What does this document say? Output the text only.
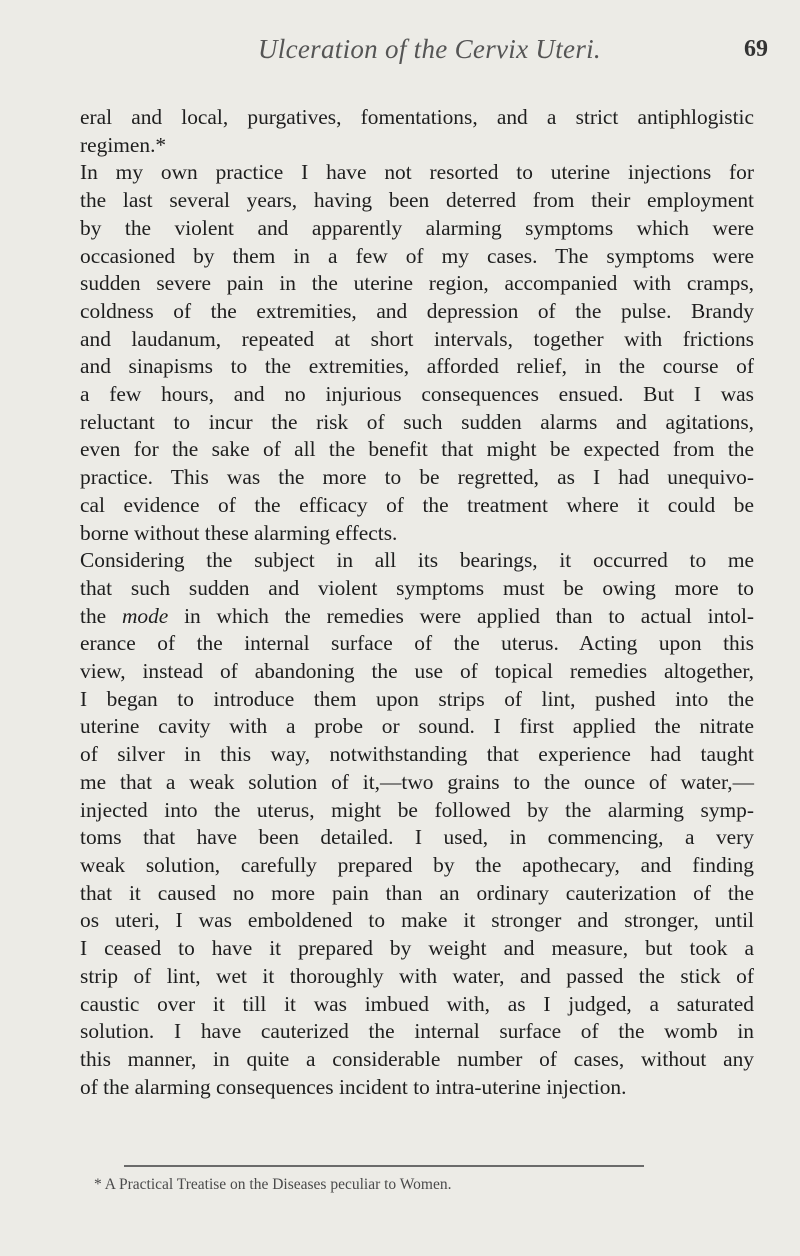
Ulceration of the Cervix Uteri.	69

eral and local, purgatives, fomentations, and a strict antiphlogistic
regimen.*

In my own practice I have not resorted to uterine injections for
the last several years, having been deterred from their employment
by the violent and apparently alarming symptoms which were
occasioned by them in a few of my cases. The symptoms were
sudden severe pain in the uterine region, accompanied with cramps,
coldness of the extremities, and depression of the pulse. Brandy
and laudanum, repeated at short intervals, together with frictions
and sinapisms to the extremities, afforded relief, in the course of
a few hours, and no injurious consequences ensued. But I was
reluctant to incur the risk of such sudden alarms and agitations,
even for the sake of all the benefit that might be expected from the
practice. This was the more to be regretted, as I had unequivo-
cal evidence of the efficacy of the treatment where it could be
borne without these alarming effects.

Considering the subject in all its bearings, it occurred to me
that such sudden and violent symptoms must be owing more to
the mode in which the remedies were applied than to actual intol-
erance of the internal surface of the uterus. Acting upon this
view, instead of abandoning the use of topical remedies altogether,
I began to introduce them upon strips of lint, pushed into the
uterine cavity with a probe or sound. I first applied the nitrate
of silver in this way, notwithstanding that experience had taught
me that a weak solution of it,—two grains to the ounce of water,—
injected into the uterus, might be followed by the alarming symp-
toms that have been detailed. I used, in commencing, a very
weak solution, carefully prepared by the apothecary, and finding
that it caused no more pain than an ordinary cauterization of the
os uteri, I was emboldened to make it stronger and stronger, until
I ceased to have it prepared by weight and measure, but took a
strip of lint, wet it thoroughly with water, and passed the stick of
caustic over it till it was imbued with, as I judged, a saturated
solution. I have cauterized the internal surface of the womb in
this manner, in quite a considerable number of cases, without any
of the alarming consequences incident to intra-uterine injection.

* A Practical Treatise on the Diseases peculiar to Women.
